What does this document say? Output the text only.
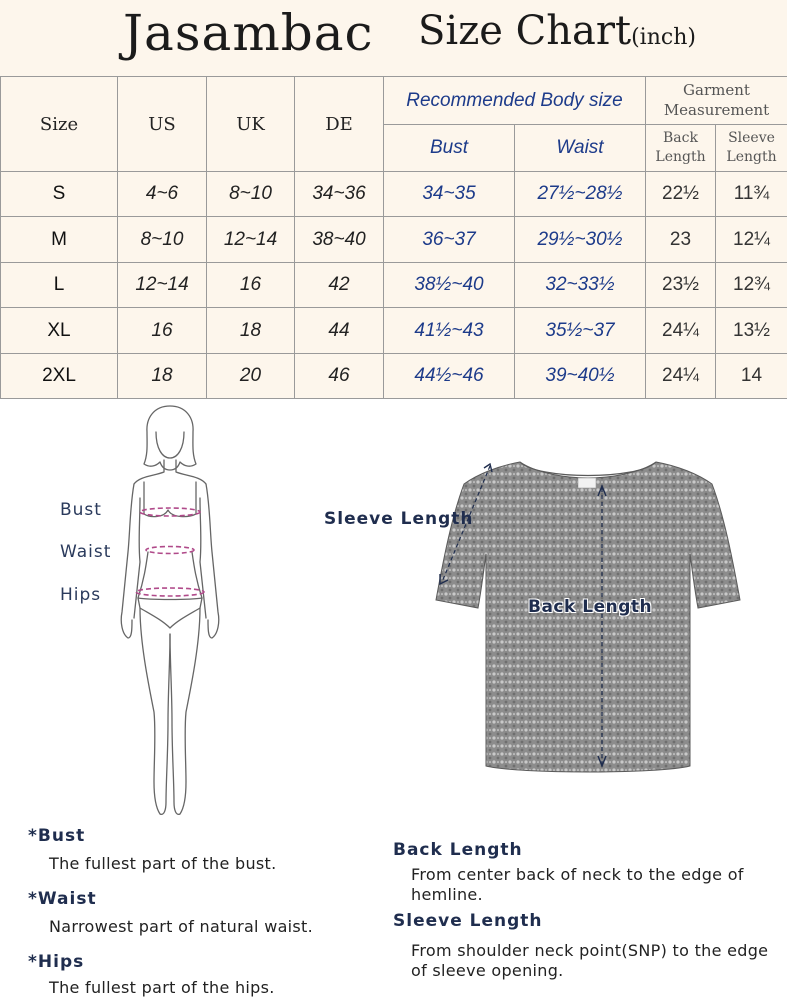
Jasambac Size Chart(inch)
Size	US	UK	DE	Recommended Body size		Garment Measurement	
				Bust	Waist	Back Length	Sleeve Length
S	4~6	8~10	34~36	34~35	27½~28½	22½	11¾
M	8~10	12~14	38~40	36~37	29½~30½	23	12¼
L	12~14	16	42	38½~40	32~33½	23½	12¾
XL	16	18	44	41½~43	35½~37	24¼	13½
2XL	18	20	46	44½~46	39~40½	24¼	14
Bust
Waist
Hips
Sleeve Length
Back Length
*Bust
The fullest part of the bust.
*Waist
Narrowest part of natural waist.
*Hips
The fullest part of the hips.
Back Length
From center back of neck to the edge of hemline.
Sleeve Length
From shoulder neck point(SNP) to the edge of sleeve opening.
